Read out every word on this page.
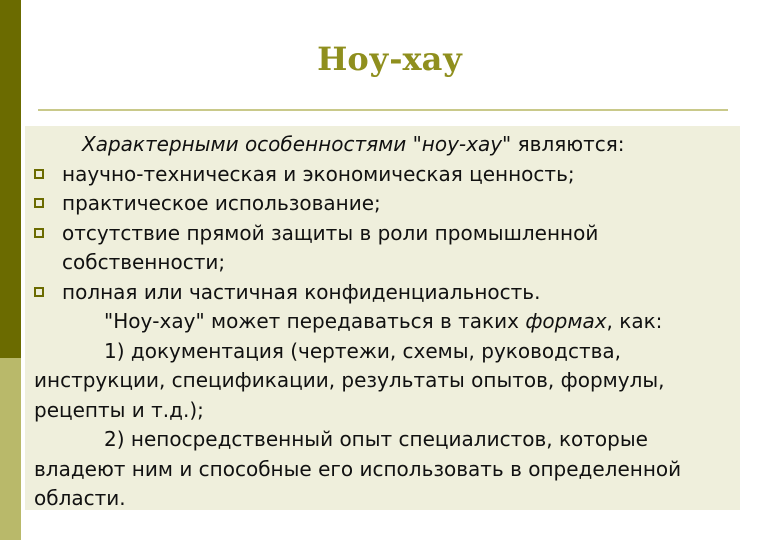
Ноу-хау
Характерными особенностями "ноу-хау" являются:
научно-техническая и экономическая ценность;
практическое использование;
отсутствие прямой защиты в роли промышленной
собственности;
полная или частичная конфиденциальность.
"Ноу-хау" может передаваться в таких формах, как:
1) документация (чертежи, схемы, руководства,
инструкции, спецификации, результаты опытов, формулы,
рецепты и т.д.);
2) непосредственный опыт специалистов, которые
владеют ним и способные его использовать в определенной
области.
